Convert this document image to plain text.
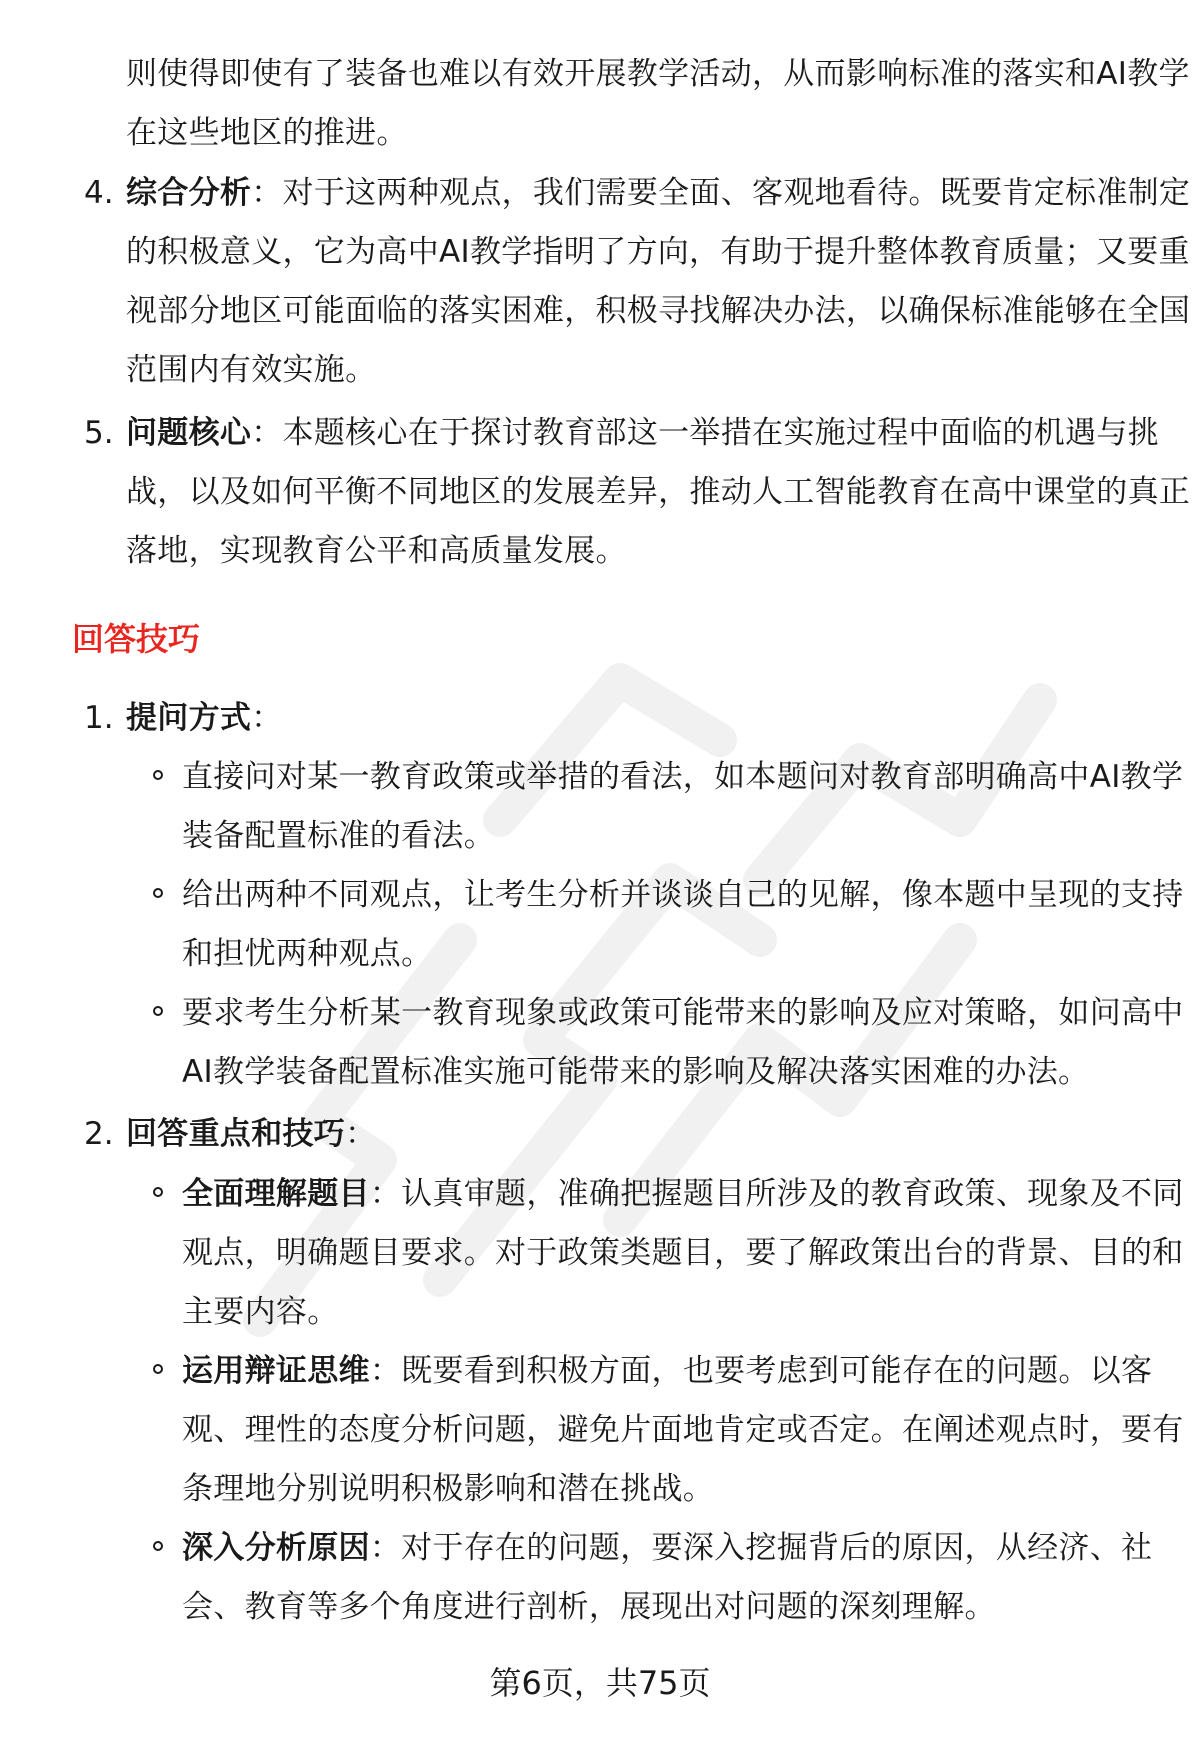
则使得即使有了装备也难以有效开展教学活动，从而影响标准的落实和AI教学
在这些地区的推进。
4. 综合分析：对于这两种观点，我们需要全面、客观地看待。既要肯定标准制定
的积极意义，它为高中AI教学指明了方向，有助于提升整体教育质量；又要重
视部分地区可能面临的落实困难，积极寻找解决办法，以确保标准能够在全国
范围内有效实施。
5. 问题核心：本题核心在于探讨教育部这一举措在实施过程中面临的机遇与挑
战，以及如何平衡不同地区的发展差异，推动人工智能教育在高中课堂的真正
落地，实现教育公平和高质量发展。
回答技巧
1. 提问方式：
直接问对某一教育政策或举措的看法，如本题问对教育部明确高中AI教学
装备配置标准的看法。
给出两种不同观点，让考生分析并谈谈自己的见解，像本题中呈现的支持
和担忧两种观点。
要求考生分析某一教育现象或政策可能带来的影响及应对策略，如问高中
AI教学装备配置标准实施可能带来的影响及解决落实困难的办法。
2. 回答重点和技巧：
全面理解题目：认真审题，准确把握题目所涉及的教育政策、现象及不同
观点，明确题目要求。对于政策类题目，要了解政策出台的背景、目的和
主要内容。
运用辩证思维：既要看到积极方面，也要考虑到可能存在的问题。以客
观、理性的态度分析问题，避免片面地肯定或否定。在阐述观点时，要有
条理地分别说明积极影响和潜在挑战。
深入分析原因：对于存在的问题，要深入挖掘背后的原因，从经济、社
会、教育等多个角度进行剖析，展现出对问题的深刻理解。
第6页，共75页
